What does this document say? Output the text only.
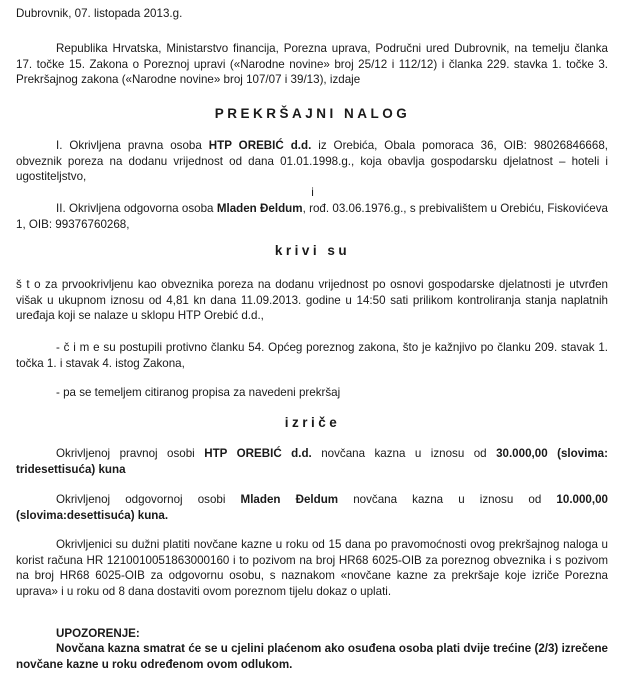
Dubrovnik, 07. listopada 2013.g.
Republika Hrvatska, Ministarstvo financija, Porezna uprava, Područni ured Dubrovnik, na temelju članka 17. točke 15. Zakona o Poreznoj upravi («Narodne novine» broj 25/12 i 112/12) i članka 229. stavka 1. točke 3. Prekršajnog zakona («Narodne novine» broj 107/07 i 39/13), izdaje
PREKRŠAJNI NALOG
I. Okrivljena pravna osoba HTP OREBIĆ d.d. iz Orebića, Obala pomoraca 36, OIB: 98026846668, obveznik poreza na dodanu vrijednost od dana 01.01.1998.g., koja obavlja gospodarsku djelatnost – hoteli i ugostiteljstvo,
i
II. Okrivljena odgovorna osoba Mladen Đeldum, rođ. 03.06.1976.g., s prebivalištem u Orebiću, Fiskovićeva 1, OIB: 99376760268,
krivi su
š t o za prvookrivljenu kao obveznika poreza na dodanu vrijednost po osnovi gospodarske djelatnosti je utvrđen višak u ukupnom iznosu od 4,81 kn dana 11.09.2013. godine u 14:50 sati prilikom kontroliranja stanja naplatnih uređaja koji se nalaze u sklopu HTP Orebić d.d.,
- č i m e su postupili protivno članku 54. Općeg poreznog zakona, što je kažnjivo po članku 209. stavak 1. točka 1. i stavak 4. istog Zakona,
- pa se temeljem citiranog propisa za navedeni prekršaj
izriče
Okrivljenoj pravnoj osobi HTP OREBIĆ d.d. novčana kazna u iznosu od 30.000,00 (slovima: tridesettisuća) kuna
Okrivljenoj odgovornoj osobi Mladen Đeldum novčana kazna u iznosu od 10.000,00 (slovima:desettisuća) kuna.
Okrivljenici su dužni platiti novčane kazne u roku od 15 dana po pravomoćnosti ovog prekršajnog naloga u korist računa HR 1210010051863000160 i to pozivom na broj HR68 6025-OIB za poreznog obveznika i s pozivom na broj HR68 6025-OIB za odgovornu osobu, s naznakom «novčane kazne za prekršaje koje izriče Porezna uprava» i u roku od 8 dana dostaviti ovom poreznom tijelu dokaz o uplati.
UPOZORENJE:
Novčana kazna smatrat će se u cjelini plaćenom ako osuđena osoba plati dvije trećine (2/3) izrečene novčane kazne u roku određenom ovom odlukom.
